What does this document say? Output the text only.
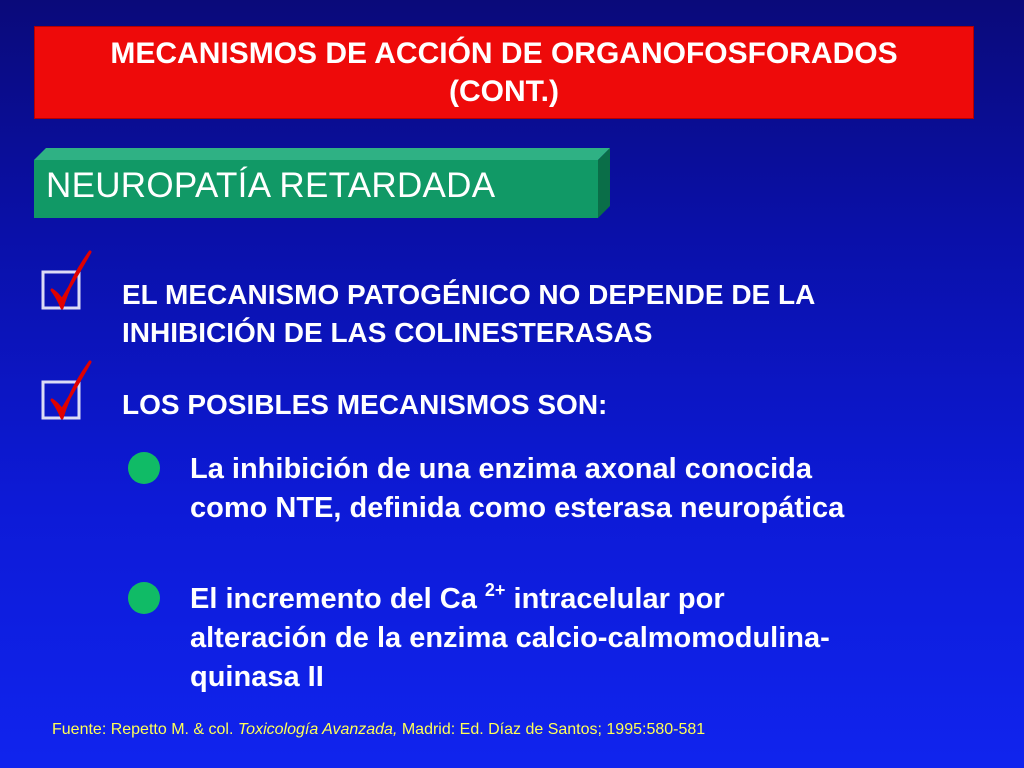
MECANISMOS DE ACCIÓN DE ORGANOFOSFORADOS
(CONT.)
NEUROPATÍA RETARDADA
EL MECANISMO PATOGÉNICO NO DEPENDE DE LA
INHIBICIÓN DE LAS COLINESTERASAS
LOS POSIBLES MECANISMOS SON:
La inhibición de una enzima axonal conocida
como NTE, definida como esterasa neuropática
El incremento del Ca $^{2+}$ intracelular por
alteración de la enzima calcio-calmomodulina-
quinasa II
Fuente: Repetto M. & col. Toxicología Avanzada, Madrid: Ed. Díaz de Santos; 1995:580-581
